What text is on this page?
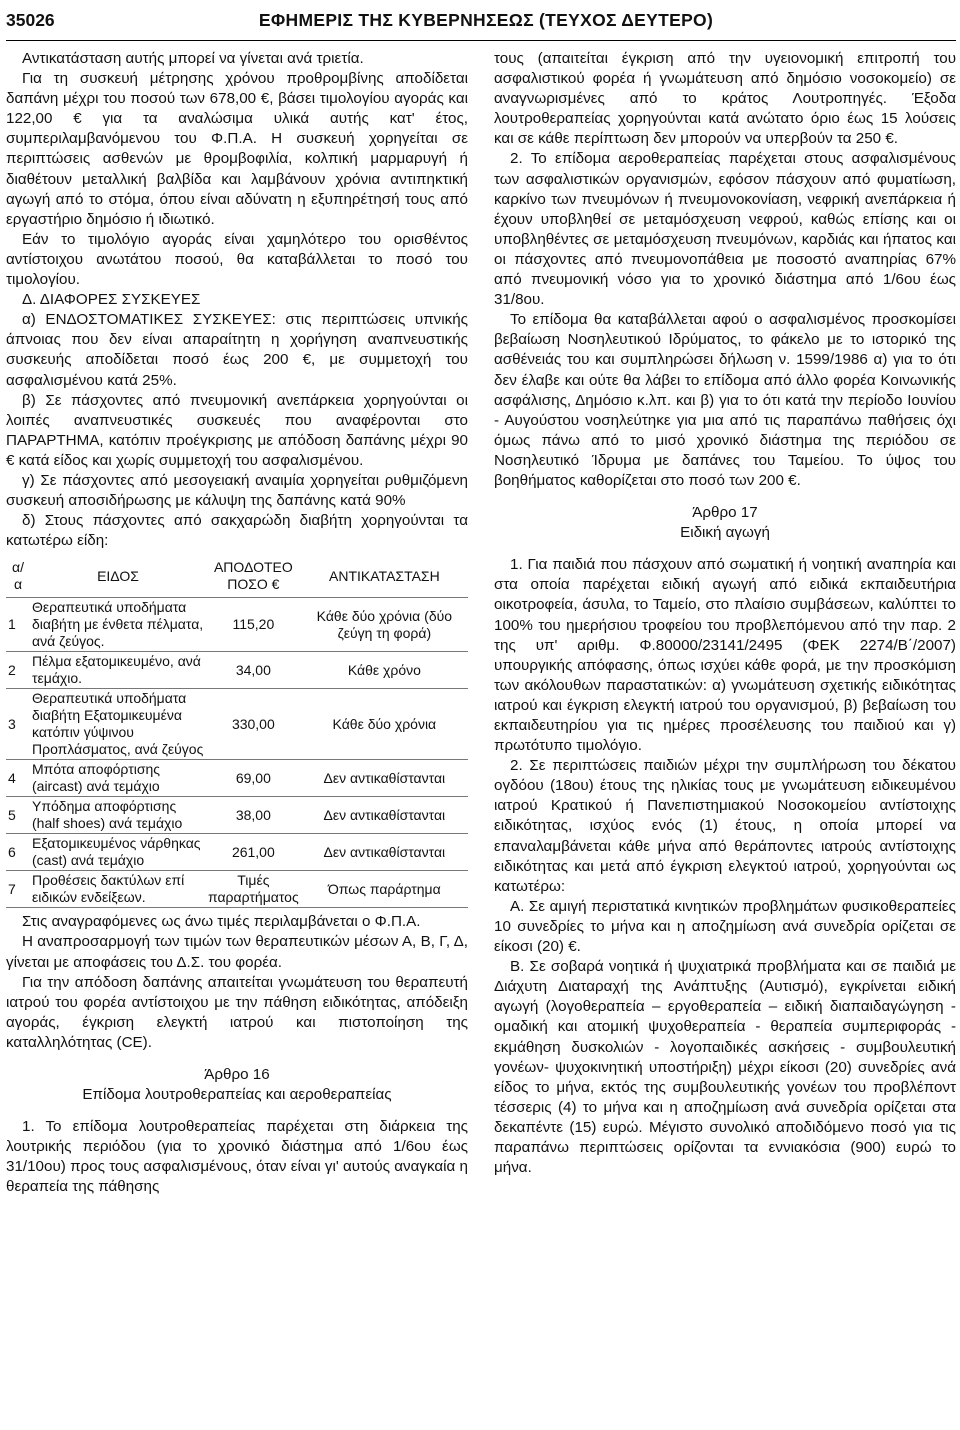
35026	ΕΦΗΜΕΡΙΣ ΤΗΣ ΚΥΒΕΡΝΗΣΕΩΣ (ΤΕΥΧΟΣ ΔΕΥΤΕΡΟ)

Αντικατάσταση αυτής μπορεί να γίνεται ανά τριετία.

Για τη συσκευή μέτρησης χρόνου προθρομβίνης αποδίδεται δαπάνη μέχρι του ποσού των 678,00 €, βάσει τιμολογίου αγοράς και 122,00 € για τα αναλώσιμα υλικά αυτής κατ' έτος, συμπεριλαμβανόμενου του Φ.Π.Α. Η συσκευή χορηγείται σε περιπτώσεις ασθενών με θρομβοφιλία, κολπική μαρμαρυγή ή διαθέτουν μεταλλική βαλβίδα και λαμβάνουν χρόνια αντιπηκτική αγωγή από το στόμα, όπου είναι αδύνατη η εξυπηρέτησή τους από εργαστήριο δημόσιο ή ιδιωτικό.

Εάν το τιμολόγιο αγοράς είναι χαμηλότερο του ορισθέντος αντίστοιχου ανωτάτου ποσού, θα καταβάλλεται το ποσό του τιμολογίου.

Δ. ΔΙΑΦΟΡΕΣ ΣΥΣΚΕΥΕΣ

α) ΕΝΔΟΣΤΟΜΑΤΙΚΕΣ ΣΥΣΚΕΥΕΣ: στις περιπτώσεις υπνικής άπνοιας που δεν είναι απαραίτητη η χορήγηση αναπνευστικής συσκευής αποδίδεται ποσό έως 200 €, με συμμετοχή του ασφαλισμένου κατά 25%.

β) Σε πάσχοντες από πνευμονική ανεπάρκεια χορηγούνται οι λοιπές αναπνευστικές συσκευές που αναφέρονται στο ΠΑΡΑΡΤΗΜΑ, κατόπιν προέγκρισης με απόδοση δαπάνης μέχρι 90 € κατά είδος και χωρίς συμμετοχή του ασφαλισμένου.

γ) Σε πάσχοντες από μεσογειακή αναιμία χορηγείται ρυθμιζόμενη συσκευή αποσιδήρωσης με κάλυψη της δαπάνης κατά 90%

δ) Στους πάσχοντες από σακχαρώδη διαβήτη χορηγούνται τα κατωτέρω είδη:

α/α	ΕΙΔΟΣ	ΑΠΟΔΟΤΕΟ ΠΟΣΟ €	ΑΝΤΙΚΑΤΑΣΤΑΣΗ
1	Θεραπευτικά υποδήματα διαβήτη με ένθετα πέλματα, ανά ζεύγος.	115,20	Κάθε δύο χρόνια (δύο ζεύγη τη φορά)
2	Πέλμα εξατομικευμένο, ανά τεμάχιο.	34,00	Κάθε χρόνο
3	Θεραπευτικά υποδήματα διαβήτη Εξατομικευμένα κατόπιν γύψινου Προπλάσματος, ανά ζεύγος	330,00	Κάθε δύο χρόνια
4	Μπότα αποφόρτισης (aircast) ανά τεμάχιο	69,00	Δεν αντικαθίστανται
5	Υπόδημα αποφόρτισης (half shoes) ανά τεμάχιο	38,00	Δεν αντικαθίστανται
6	Εξατομικευμένος νάρθηκας (cast) ανά τεμάχιο	261,00	Δεν αντικαθίστανται
7	Προθέσεις δακτύλων επί ειδικών ενδείξεων.	Τιμές παραρτήματος	Όπως παράρτημα

Στις αναγραφόμενες ως άνω τιμές περιλαμβάνεται ο Φ.Π.Α.

Η αναπροσαρμογή των τιμών των θεραπευτικών μέσων Α, Β, Γ, Δ, γίνεται με αποφάσεις του Δ.Σ. του φορέα.

Για την απόδοση δαπάνης απαιτείται γνωμάτευση του θεραπευτή ιατρού του φορέα αντίστοιχου με την πάθηση ειδικότητας, απόδειξη αγοράς, έγκριση ελεγκτή ιατρού και πιστοποίηση της καταλληλότητας (CE).

Άρθρο 16

Επίδομα λουτροθεραπείας και αεροθεραπείας

1. Το επίδομα λουτροθεραπείας παρέχεται στη διάρκεια της λουτρικής περιόδου (για το χρονικό διάστημα από 1/6ου έως 31/10ου) προς τους ασφαλισμένους, όταν είναι γι' αυτούς αναγκαία η θεραπεία της πάθησης

τους (απαιτείται έγκριση από την υγειονομική επιτροπή του ασφαλιστικού φορέα ή γνωμάτευση από δημόσιο νοσοκομείο) σε αναγνωρισμένες από το κράτος Λουτροπηγές. Έξοδα λουτροθεραπείας χορηγούνται κατά ανώτατο όριο έως 15 λούσεις και σε κάθε περίπτωση δεν μπορούν να υπερβούν τα 250 €.

2. Το επίδομα αεροθεραπείας παρέχεται στους ασφαλισμένους των ασφαλιστικών οργανισμών, εφόσον πάσχουν από φυματίωση, καρκίνο των πνευμόνων ή πνευμονοκονίαση, νεφρική ανεπάρκεια ή έχουν υποβληθεί σε μεταμόσχευση νεφρού, καθώς επίσης και οι υποβληθέντες σε μεταμόσχευση πνευμόνων, καρδιάς και ήπατος και οι πάσχοντες από πνευμονοπάθεια με ποσοστό αναπηρίας 67% από πνευμονική νόσο για το χρονικό διάστημα από 1/6ου έως 31/8ου.

Το επίδομα θα καταβάλλεται αφού ο ασφαλισμένος προσκομίσει βεβαίωση Νοσηλευτικού Ιδρύματος, το φάκελο με το ιστορικό της ασθένειάς του και συμπληρώσει δήλωση ν. 1599/1986 α) για το ότι δεν έλαβε και ούτε θα λάβει το επίδομα από άλλο φορέα Κοινωνικής ασφάλισης, Δημόσιο κ.λπ. και β) για το ότι κατά την περίοδο Ιουνίου - Αυγούστου νοσηλεύτηκε για μια από τις παραπάνω παθήσεις όχι όμως πάνω από το μισό χρονικό διάστημα της περιόδου σε Νοσηλευτικό Ίδρυμα με δαπάνες του Ταμείου. Το ύψος του βοηθήματος καθορίζεται στο ποσό των 200 €.

Άρθρο 17

Ειδική αγωγή

1. Για παιδιά που πάσχουν από σωματική ή νοητική αναπηρία και στα οποία παρέχεται ειδική αγωγή από ειδικά εκπαιδευτήρια οικοτροφεία, άσυλα, το Ταμείο, στο πλαίσιο συμβάσεων, καλύπτει το 100% του ημερήσιου τροφείου του προβλεπόμενου από την παρ. 2 της υπ' αριθμ. Φ.80000/23141/2495 (ΦΕΚ 2274/Β΄/2007) υπουργικής απόφασης, όπως ισχύει κάθε φορά, με την προσκόμιση των ακόλουθων παραστατικών: α) γνωμάτευση σχετικής ειδικότητας ιατρού και έγκριση ελεγκτή ιατρού του οργανισμού, β) βεβαίωση του εκπαιδευτηρίου για τις ημέρες προσέλευσης του παιδιού και γ) πρωτότυπο τιμολόγιο.

2. Σε περιπτώσεις παιδιών μέχρι την συμπλήρωση του δέκατου ογδόου (18ου) έτους της ηλικίας τους με γνωμάτευση ειδικευμένου ιατρού Κρατικού ή Πανεπιστημιακού Νοσοκομείου αντίστοιχης ειδικότητας, ισχύος ενός (1) έτους, η οποία μπορεί να επαναλαμβάνεται κάθε μήνα από θεράποντες ιατρούς αντίστοιχης ειδικότητας και μετά από έγκριση ελεγκτού ιατρού, χορηγούνται ως κατωτέρω:

Α. Σε αμιγή περιστατικά κινητικών προβλημάτων φυσικοθεραπείες 10 συνεδρίες το μήνα και η αποζημίωση ανά συνεδρία ορίζεται σε είκοσι (20) €.

Β. Σε σοβαρά νοητικά ή ψυχιατρικά προβλήματα και σε παιδιά με Διάχυτη Διαταραχή της Ανάπτυξης (Αυτισμό), εγκρίνεται ειδική αγωγή (λογοθεραπεία – εργοθεραπεία – ειδική διαπαιδαγώγηση - ομαδική και ατομική ψυχοθεραπεία - θεραπεία συμπεριφοράς - εκμάθηση δυσκολιών - λογοπαιδικές ασκήσεις - συμβουλευτική γονέων- ψυχοκινητική υποστήριξη) μέχρι είκοσι (20) συνεδρίες ανά είδος το μήνα, εκτός της συμβουλευτικής γονέων του προβλέποντ τέσσερις (4) το μήνα και η αποζημίωση ανά συνεδρία ορίζεται στα δεκαπέντε (15) ευρώ. Μέγιστο συνολικό αποδιδόμενο ποσό για τις παραπάνω περιπτώσεις ορίζονται τα εννιακόσια (900) ευρώ το μήνα.
